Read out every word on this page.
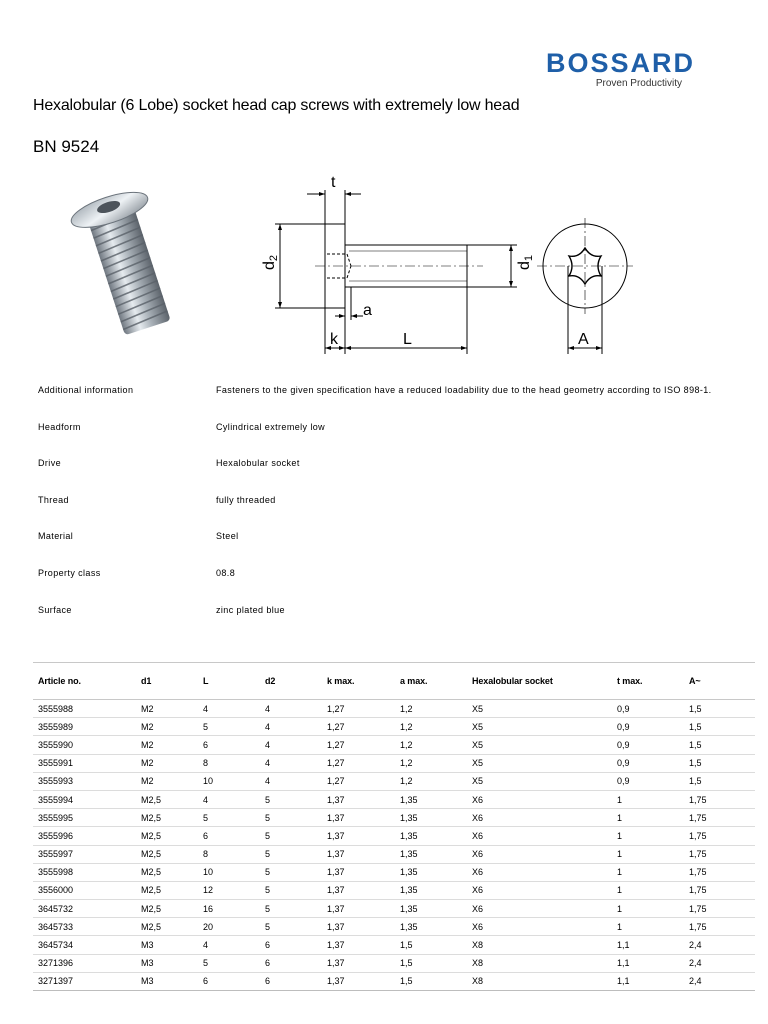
BOSSARD
Proven Productivity
Hexalobular (6 Lobe) socket head cap screws with extremely low head
BN 9524
t
d2
d1
a
k	L	A
Additional information	Fasteners to the given specification have a reduced loadability due to the head geometry according to ISO 898-1.
Headform	Cylindrical extremely low
Drive	Hexalobular socket
Thread	fully threaded
Material	Steel
Property class	08.8
Surface	zinc plated blue
Article no.	d1	L	d2	k max.	a max.	Hexalobular socket	t max.	A~
3555988	M2	4	4	1,27	1,2	X5	0,9	1,5
3555989	M2	5	4	1,27	1,2	X5	0,9	1,5
3555990	M2	6	4	1,27	1,2	X5	0,9	1,5
3555991	M2	8	4	1,27	1,2	X5	0,9	1,5
3555993	M2	10	4	1,27	1,2	X5	0,9	1,5
3555994	M2,5	4	5	1,37	1,35	X6	1	1,75
3555995	M2,5	5	5	1,37	1,35	X6	1	1,75
3555996	M2,5	6	5	1,37	1,35	X6	1	1,75
3555997	M2,5	8	5	1,37	1,35	X6	1	1,75
3555998	M2,5	10	5	1,37	1,35	X6	1	1,75
3556000	M2,5	12	5	1,37	1,35	X6	1	1,75
3645732	M2,5	16	5	1,37	1,35	X6	1	1,75
3645733	M2,5	20	5	1,37	1,35	X6	1	1,75
3645734	M3	4	6	1,37	1,5	X8	1,1	2,4
3271396	M3	5	6	1,37	1,5	X8	1,1	2,4
3271397	M3	6	6	1,37	1,5	X8	1,1	2,4
